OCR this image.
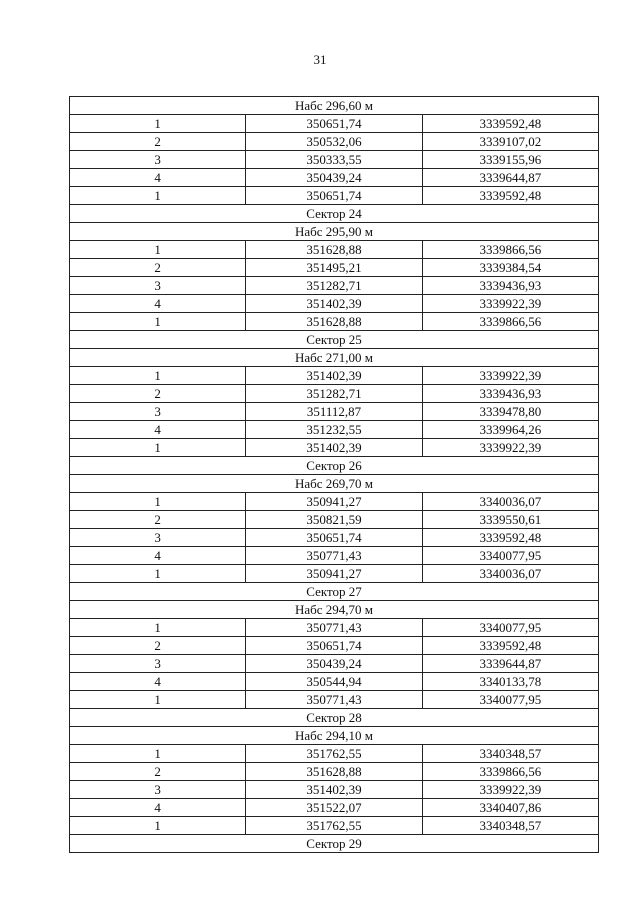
31
Набс 296,60 м		
1	350651,74	3339592,48
2	350532,06	3339107,02
3	350333,55	3339155,96
4	350439,24	3339644,87
1	350651,74	3339592,48
Сектор 24		
Набс 295,90 м		
1	351628,88	3339866,56
2	351495,21	3339384,54
3	351282,71	3339436,93
4	351402,39	3339922,39
1	351628,88	3339866,56
Сектор 25		
Набс 271,00 м		
1	351402,39	3339922,39
2	351282,71	3339436,93
3	351112,87	3339478,80
4	351232,55	3339964,26
1	351402,39	3339922,39
Сектор 26		
Набс 269,70 м		
1	350941,27	3340036,07
2	350821,59	3339550,61
3	350651,74	3339592,48
4	350771,43	3340077,95
1	350941,27	3340036,07
Сектор 27		
Набс 294,70 м		
1	350771,43	3340077,95
2	350651,74	3339592,48
3	350439,24	3339644,87
4	350544,94	3340133,78
1	350771,43	3340077,95
Сектор 28		
Набс 294,10 м		
1	351762,55	3340348,57
2	351628,88	3339866,56
3	351402,39	3339922,39
4	351522,07	3340407,86
1	351762,55	3340348,57
Сектор 29		
